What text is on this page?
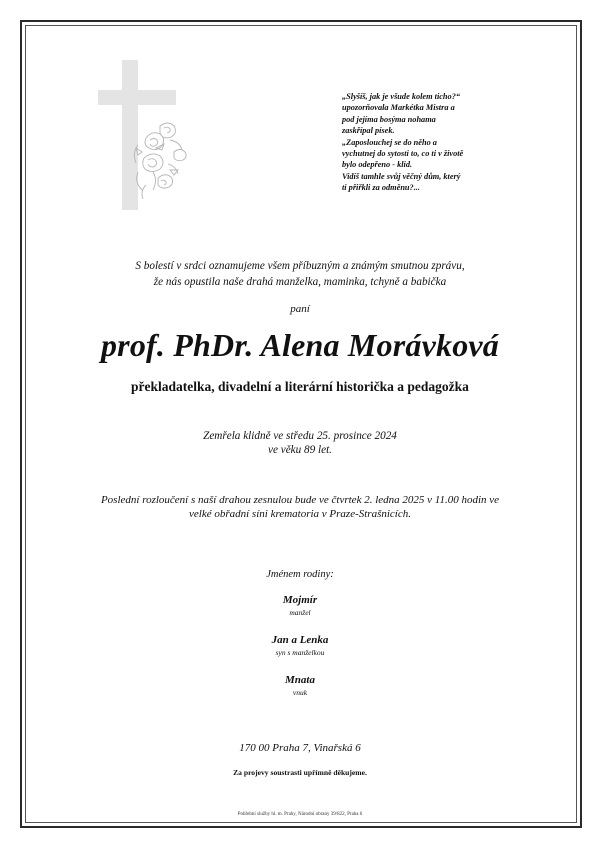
„Slyšíš, jak je všude kolem ticho?“
upozorňovala Markétka Mistra a
pod jejíma bosýma nohama
zaskřípal písek.
„Zaposlouchej se do něho a
vychutnej do sytosti to, co ti v životě
bylo odepřeno - klid.
Vidíš tamhle svůj věčný dům, který
ti přiřkli za odměnu?...
S bolestí v srdci oznamujeme všem příbuzným a známým smutnou zprávu,
že nás opustila naše drahá manželka, maminka, tchyně a babička
paní
prof. PhDr. Alena Morávková
překladatelka, divadelní a literární historička a pedagožka
Zemřela klidně ve středu 25. prosince 2024
ve věku 89 let.
Poslední rozloučení s naší drahou zesnulou bude ve čtvrtek 2. ledna 2025 v 11.00 hodin ve
velké obřadní síni krematoria v Praze-Strašnicích.
Jménem rodiny:
Mojmír
manžel
Jan a Lenka
syn s manželkou
Mnata
vnuk
170 00 Praha 7, Vinařská 6
Za projevy soustrasti upřímně děkujeme.
Pohřební služby hl. m. Prahy, Národní obrany 39/822, Praha 6
